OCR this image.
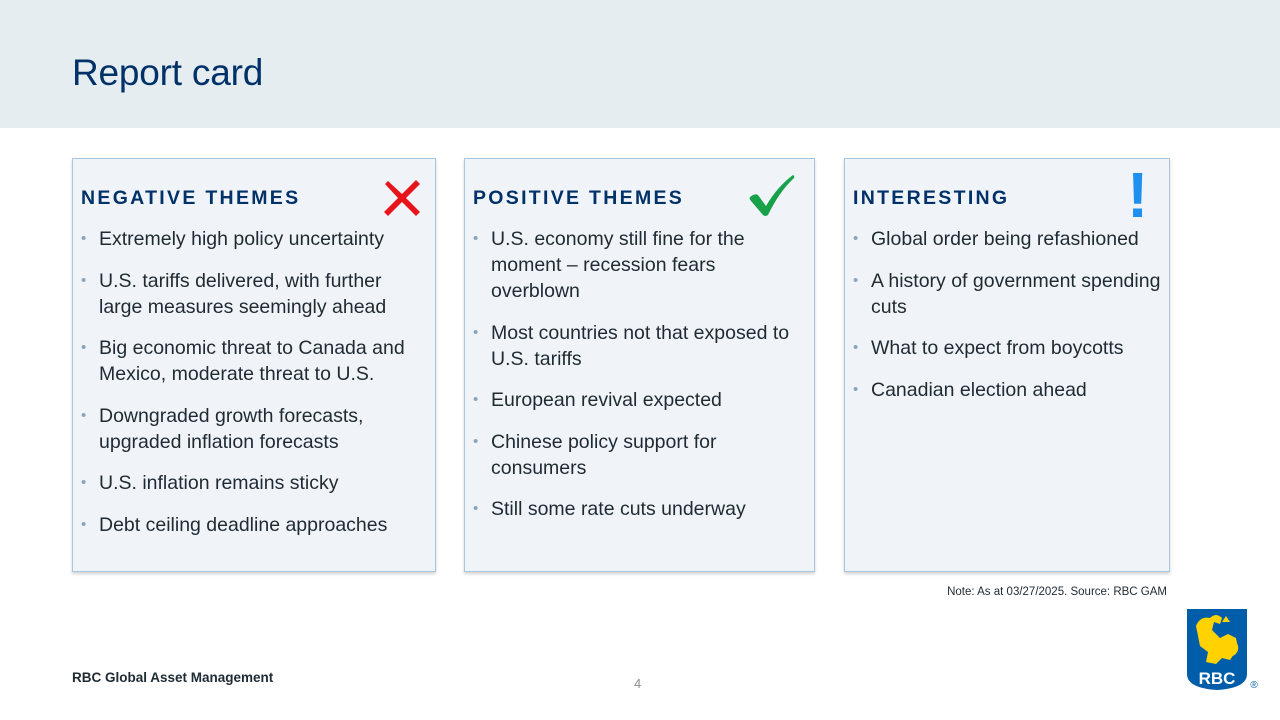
Report card
NEGATIVE THEMES
• Extremely high policy uncertainty
• U.S. tariffs delivered, with further large measures seemingly ahead
• Big economic threat to Canada and Mexico, moderate threat to U.S.
• Downgraded growth forecasts, upgraded inflation forecasts
• U.S. inflation remains sticky
• Debt ceiling deadline approaches
POSITIVE THEMES
• U.S. economy still fine for the moment – recession fears overblown
• Most countries not that exposed to U.S. tariffs
• European revival expected
• Chinese policy support for consumers
• Still some rate cuts underway
INTERESTING !
• Global order being refashioned
• A history of government spending cuts
• What to expect from boycotts
• Canadian election ahead
Note: As at 03/27/2025. Source: RBC GAM
RBC Global Asset Management	4	RBC ®
